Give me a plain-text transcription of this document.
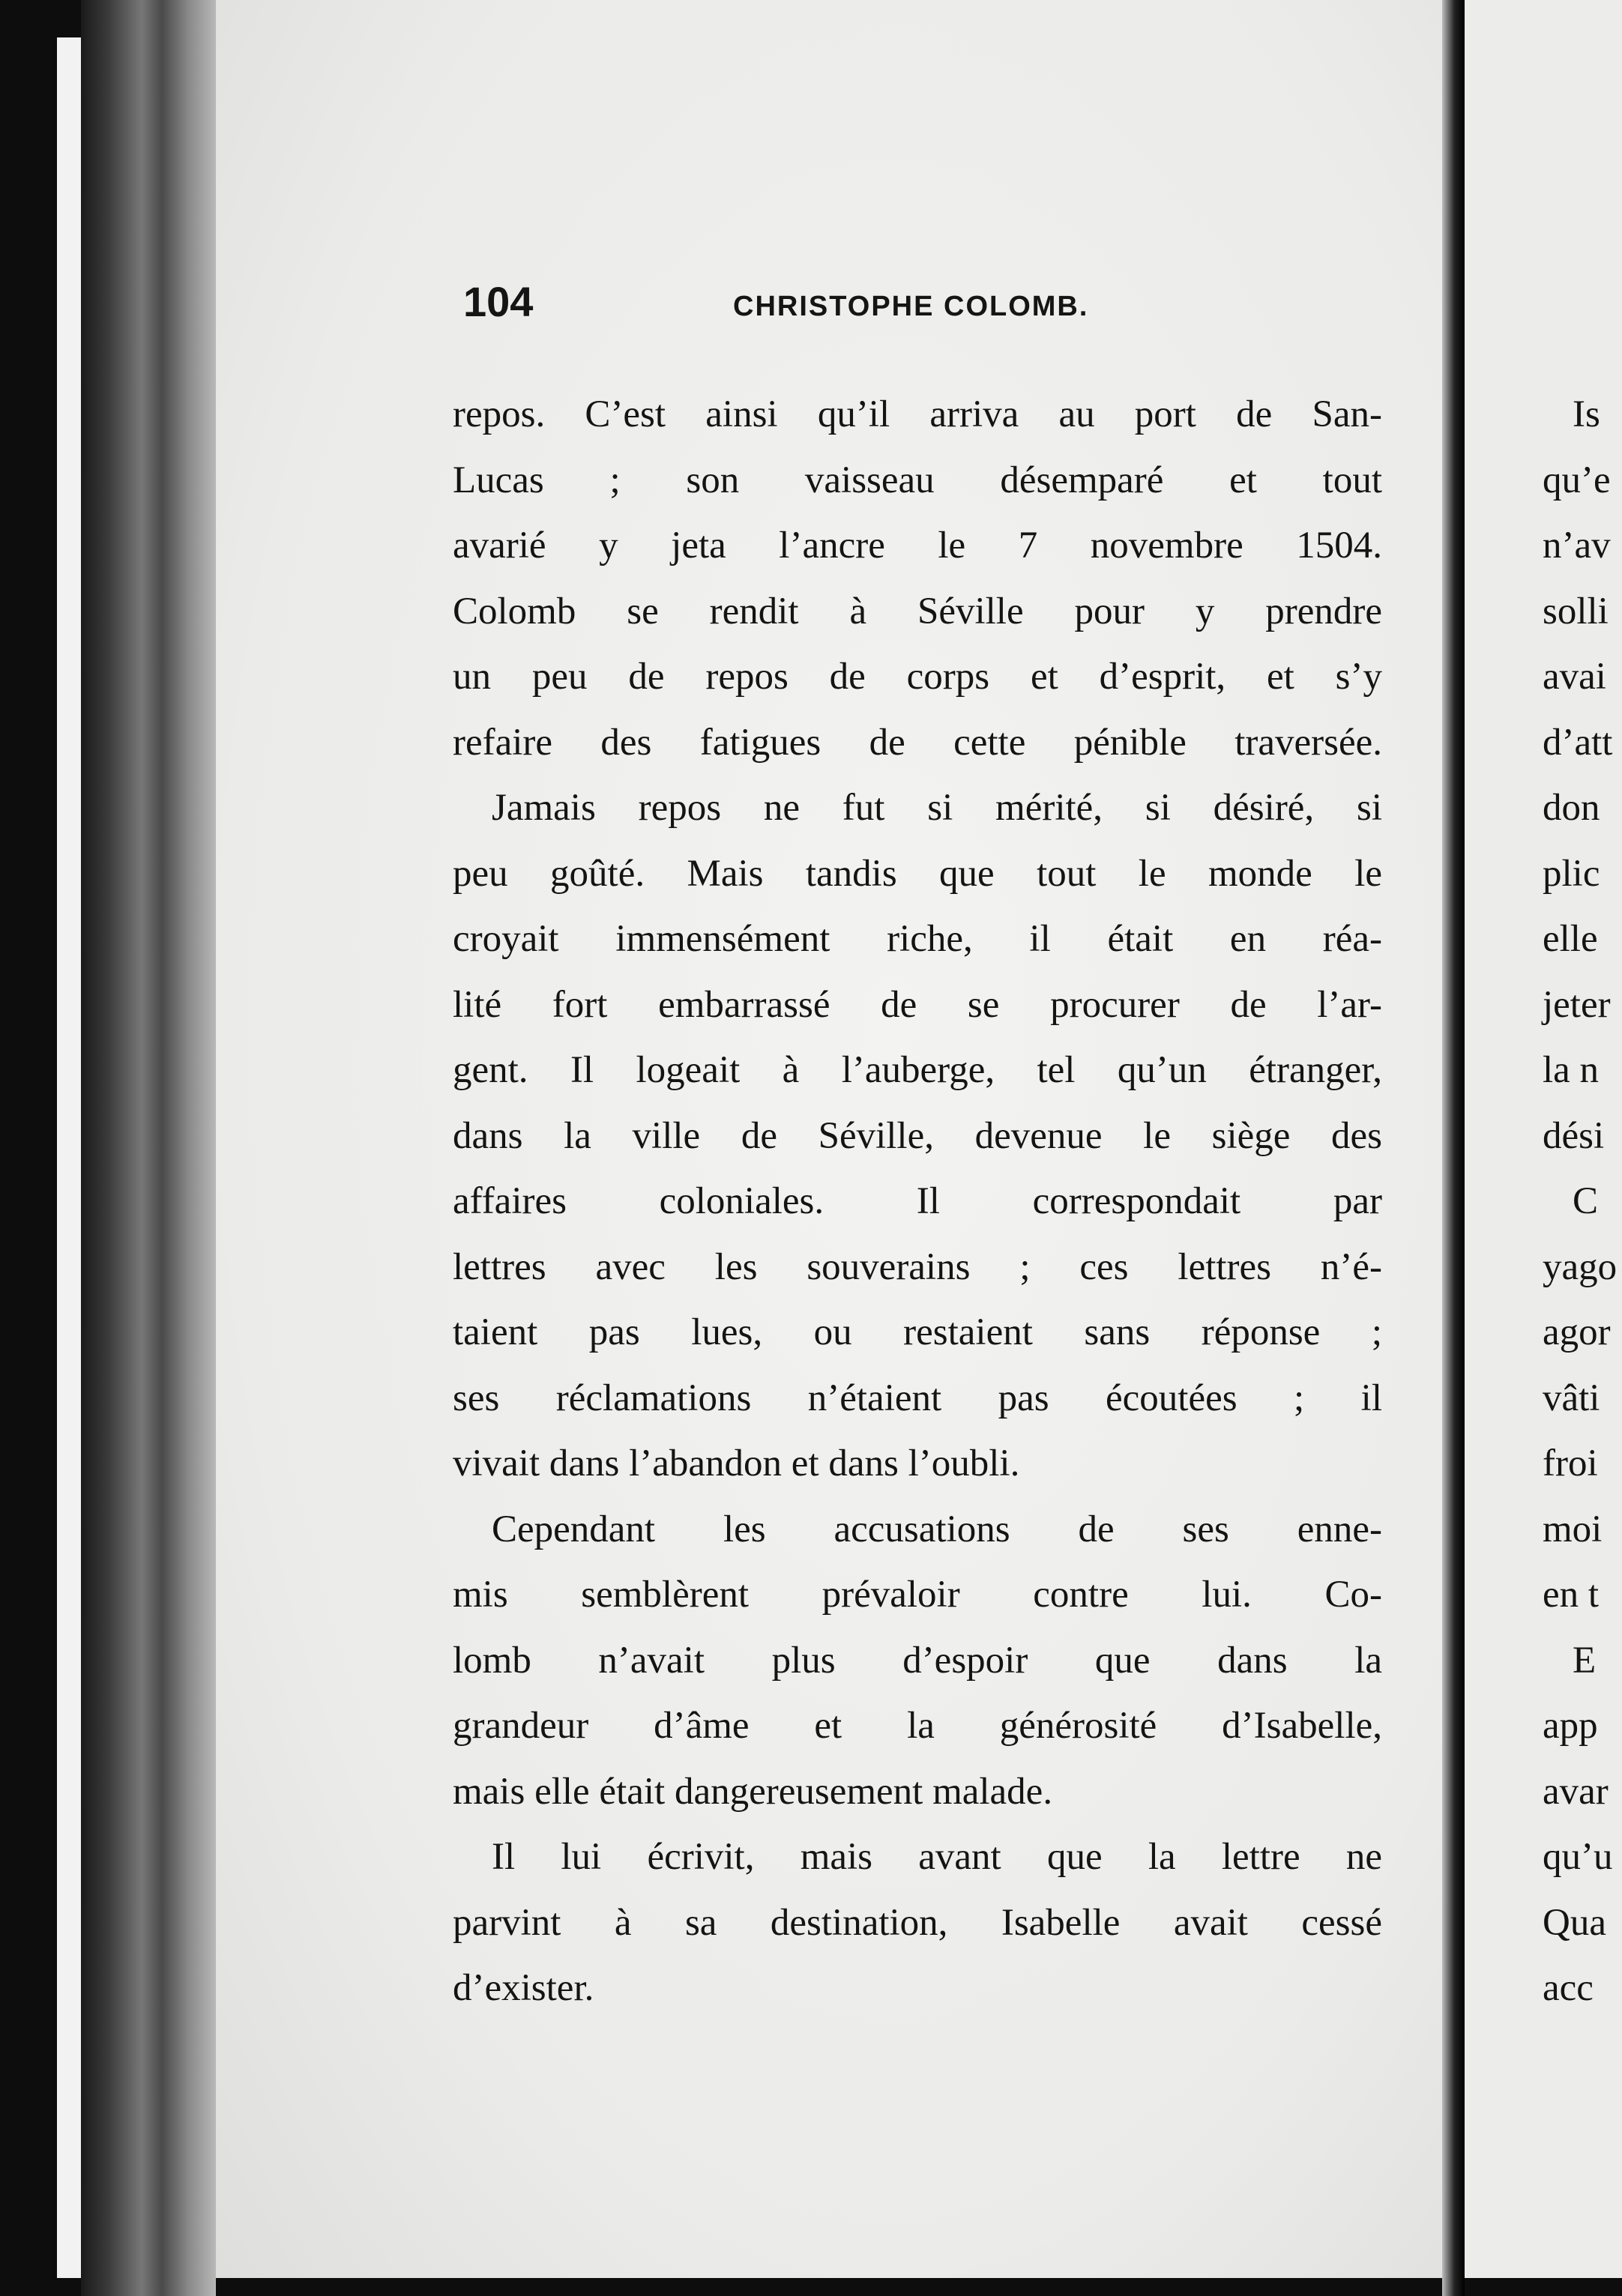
104	CHRISTOPHE COLOMB.
repos. C’est ainsi qu’il arriva au port de San-
Lucas ; son vaisseau désemparé et tout
avarié y jeta l’ancre le 7 novembre 1504.
Colomb se rendit à Séville pour y prendre
un peu de repos de corps et d’esprit, et s’y
refaire des fatigues de cette pénible traversée.
Jamais repos ne fut si mérité, si désiré, si
peu goûté. Mais tandis que tout le monde le
croyait immensément riche, il était en réa-
lité fort embarrassé de se procurer de l’ar-
gent. Il logeait à l’auberge, tel qu’un étranger,
dans la ville de Séville, devenue le siège des
affaires coloniales. Il correspondait par
lettres avec les souverains ; ces lettres n’é-
taient pas lues, ou restaient sans réponse ;
ses réclamations n’étaient pas écoutées ; il
vivait dans l’abandon et dans l’oubli.
Cependant les accusations de ses enne-
mis semblèrent prévaloir contre lui. Co-
lomb n’avait plus d’espoir que dans la
grandeur d’âme et la générosité d’Isabelle,
mais elle était dangereusement malade.
Il lui écrivit, mais avant que la lettre ne
parvint à sa destination, Isabelle avait cessé
d’exister.
Is
qu’e
n’av
solli
avai
d’att
don
plic
elle
jeter
la n
dési
C
yago
agor
vâti
froi
moi
en t
E
app
avar
qu’u
Qua
acc
